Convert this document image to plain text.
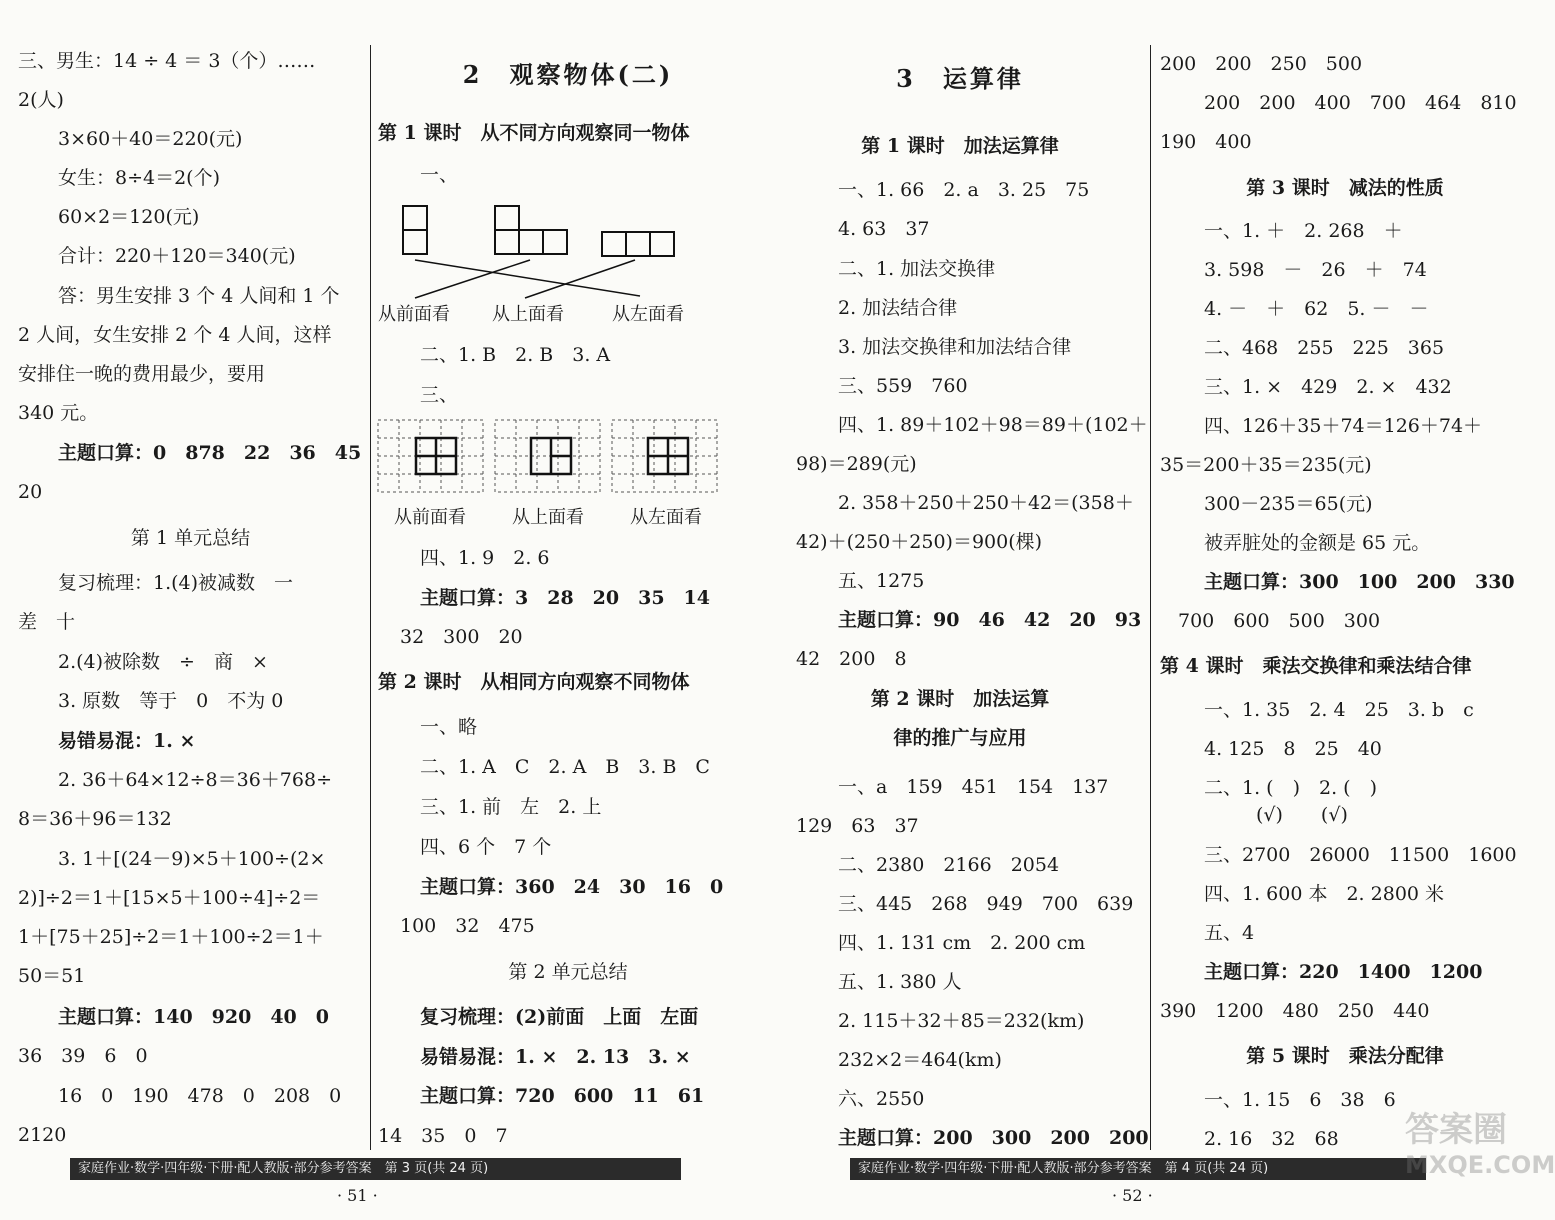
三、男生：14 ÷ 4 ＝ 3（个）……
2(人)
3×60＋40＝220(元)
女生：8÷4＝2(个)
60×2＝120(元)
合计：220＋120＝340(元)
答：男生安排 3 个 4 人间和 1 个
2 人间，女生安排 2 个 4 人间，这样
安排住一晚的费用最少，要用
340 元。
主题口算：0　878　22　36　45
20
第 1 单元总结
复习梳理：1.(4)被减数　一
差　十
2.(4)被除数　÷　商　×
3. 原数　等于　0　不为 0
易错易混：1. ×
2. 36＋64×12÷8＝36＋768÷
8＝36＋96＝132
3. 1＋[(24－9)×5＋100÷(2×
2)]÷2＝1＋[15×5＋100÷4]÷2＝
1＋[75＋25]÷2＝1＋100÷2＝1＋
50＝51
主题口算：140　920　40　0
36　39　6　0
16　0　190　478　0　208　0
2120
2　观察物体(二)
第 1 课时　从不同方向观察同一物体
一、
从前面看 从上面看	从左面看
二、1. B　2. B　3. A
三、
从前面看	从上面看	从左面看
四、1. 9　2. 6
主题口算：3　28　20　35　14
32　300　20
第 2 课时　从相同方向观察不同物体
一、略
二、1. A　C　2. A　B　3. B　C
三、1. 前　左　2. 上
四、6 个　7 个
主题口算：360　24　30　16　0
100　32　475
第 2 单元总结
复习梳理：(2)前面　上面　左面
易错易混：1. ×　2. 13　3. ×
主题口算：720　600　11　61
14　35　0　7
3　运算律
第 1 课时　加法运算律
一、1. 66　2. a　3. 25　75
4. 63　37
二、1. 加法交换律
2. 加法结合律
3. 加法交换律和加法结合律
三、559　760
四、1. 89＋102＋98＝89＋(102＋
98)＝289(元)
2. 358＋250＋250＋42＝(358＋
42)＋(250＋250)＝900(棵)
五、1275
主题口算：90　46　42　20　93
42　200　8
第 2 课时　加法运算
律的推广与应用
一、a　159　451　154　137
129　63　37
二、2380　2166　2054
三、445　268　949　700　639
四、1. 131 cm　2. 200 cm
五、1. 380 人
2. 115＋32＋85＝232(km)
232×2＝464(km)
六、2550
主题口算：200　300　200　200
200　200　250　500
200　200　400　700　464　810
190　400
第 3 课时　减法的性质
一、1. ＋　2. 268　＋
3. 598　－　26　＋　74
4. －　＋　62　5. －　－
二、468　255　225　365
三、1. ×　429　2. ×　432
四、126＋35＋74＝126＋74＋
35＝200＋35＝235(元)
300－235＝65(元)
被弄脏处的金额是 65 元。
主题口算：300　100　200　330
700　600　500　300
第 4 课时　乘法交换律和乘法结合律
一、1. 35　2. 4　25　3. b　c
4. 125　8　25　40
二、1. (　)　2. (　)
(√)　　(√)
三、2700　26000　11500　1600
四、1. 600 本　2. 2800 米
五、4
主题口算：220　1400　1200
390　1200　480　250　440
第 5 课时　乘法分配律
一、1. 15　6　38　6
2. 16　32　68
家庭作业·数学·四年级·下册·配人教版·部分参考答案　第 3 页(共 24 页)
· 51 ·
家庭作业·数学·四年级·下册·配人教版·部分参考答案　第 4 页(共 24 页)
· 52 ·
答案圈
MXQE.COM
